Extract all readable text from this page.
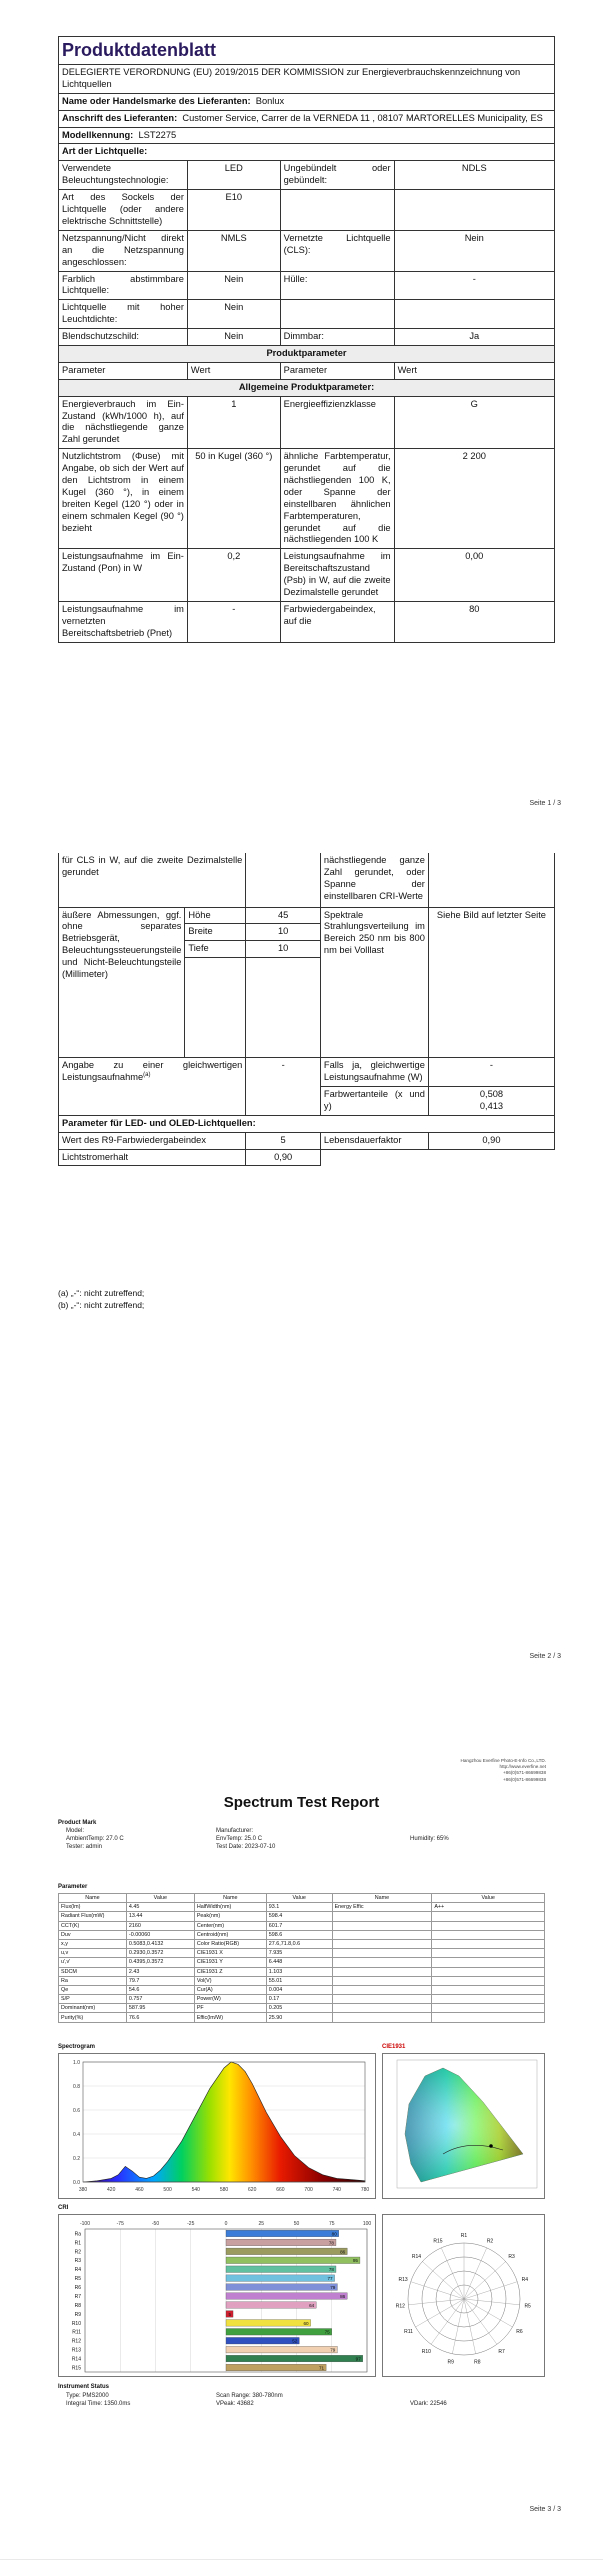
Produktdatenblatt			
DELEGIERTE VERORDNUNG (EU) 2019/2015 DER KOMMISSION zur Energieverbrauchskennzeichnung von Lichtquellen			
Name oder Handelsmarke des Lieferanten: Bonlux			
Anschrift des Lieferanten: Customer Service, Carrer de la VERNEDA 11 , 08107 MARTORELLES Municipality, ES			
Modellkennung: LST2275			
Art der Lichtquelle:			
Verwendete Beleuchtungstechnologie:	LED	Ungebündelt oder gebündelt:	NDLS
Art des Sockels der Lichtquelle (oder andere elektrische Schnittstelle)	E10		
Netzspannung/Nicht direkt an die Netzspannung angeschlossen:	NMLS	Vernetzte Lichtquelle (CLS):	Nein
Farblich abstimmbare Lichtquelle:	Nein	Hülle:	-
Lichtquelle mit hoher Leuchtdichte:	Nein		
Blendschutzschild:	Nein	Dimmbar:	Ja
Produktparameter			
Parameter	Wert	Parameter	Wert
Allgemeine Produktparameter:			
Energieverbrauch im Ein-Zustand (kWh/1000 h), auf die nächstliegende ganze Zahl gerundet	1	Energieeffizienzklasse	G
Nutzlichtstrom (Φuse) mit Angabe, ob sich der Wert auf den Lichtstrom in einem Kugel (360 °), in einem breiten Kegel (120 °) oder in einem schmalen Kegel (90 °) bezieht	50 in Kugel (360 °)	ähnliche Farbtemperatur, gerundet auf die nächstliegenden 100 K, oder Spanne der einstellbaren ähnlichen Farbtemperaturen, gerundet auf die nächstliegenden 100 K	2 200
Leistungsaufnahme im Ein-Zustand (Pon) in W	0,2	Leistungsaufnahme im Bereitschaftszustand (Psb) in W, auf die zweite Dezimalstelle gerundet	0,00
Leistungsaufnahme im vernetzten Bereitschaftsbetrieb (Pnet)	-	Farbwiedergabeindex, auf die	80
Seite 1 / 3
für CLS in W, auf die zweite Dezimalstelle gerundet			nächstliegende ganze Zahl gerundet, oder Spanne der einstellbaren CRI-Werte	
äußere Abmessungen, ggf. ohne separates Betriebsgerät, Beleuchtungssteuerungsteile und Nicht-Beleuchtungsteile (Millimeter)	Höhe	45	Spektrale Strahlungsverteilung im Bereich 250 nm bis 800 nm bei Volllast	Siehe Bild auf letzter Seite
	Breite	10		
	Tiefe	10		

Angabe zu einer gleichwertigen Leistungsaufnahme$^{(a)}$		-	Falls ja, gleichwertige Leistungsaufnahme (W)	-
			Farbwertanteile (x und y)	0,508
0,413

Parameter für LED- und OLED-Lichtquellen:				
Wert des R9-Farbwiedergabeindex		5	Lebensdauerfaktor	0,90
Lichtstromerhalt		0,90		
(a) „-“: nicht zutreffend;
(b) „-“: nicht zutreffend;
Seite 2 / 3
Hangzhou Everfine Photo-E-Info Co.,LTD.
http://www.everfine.net
+86(0)571-86699838
+86(0)571-86699838
Spectrum Test Report
Product Mark
Model:	Manufacturer:
AmbientTemp: 27.0 C	EnvTemp: 25.0 C	Humidity: 65%
Tester: admin	Test Date: 2023-07-10
Parameter
Name	Value	Name	Value	Name	Value
Flux(lm)	4.45	HalfWidth(nm)	93.1	Energy Effic	A++
Radiant Flux(mW)	13.44	Peak(nm)	598.4		
CCT(K)	2160	Center(nm)	601.7		
Duv	-0.00060	Centroid(nm)	598.6		
x,y	0.5083,0.4132	Color Ratio(RGB)	27.6,71.8,0.6		
u,v	0.2930,0.3572	CIE1931 X	7.935		
u',v'	0.4395,0.3572	CIE1931 Y	6.448		
SDCM	2.43	CIE1931 Z	1.103		
Ra	79.7	Vol(V)	55.01		
Qe	54.6	Cur(A)	0.004		
S/P	0.757	Power(W)	0.17		
Dominant(nm)	587.95	PF	0.205		
Purity(%)	76.6	Effic(lm/W)	25.90		
Spectrogram
0.0
0.2
0.4
0.6
0.8
1.0
380	420	460	500	540	580	620	660	700	740	780
CIE1931
CRI
-100	-75	-50	-25	0	25	50	75	100
Ra	80
R1	78
R2	86
R3	95
R4	78
R5	77
R6	79
R7	86
R8	64
R9	5
R10	60
R11	75
R12	52
R13	79
R14	97
R15	71
R1
R2
R3
R4
R5
R6
R7
R8
R9
R10
R11
R12
R13
R14
R15
Instrument Status
Type: PMS2000	Scan Range: 380-780nm
Integral Time: 1350.0ms	VPeak: 43682	VDark: 22546
Seite 3 / 3
